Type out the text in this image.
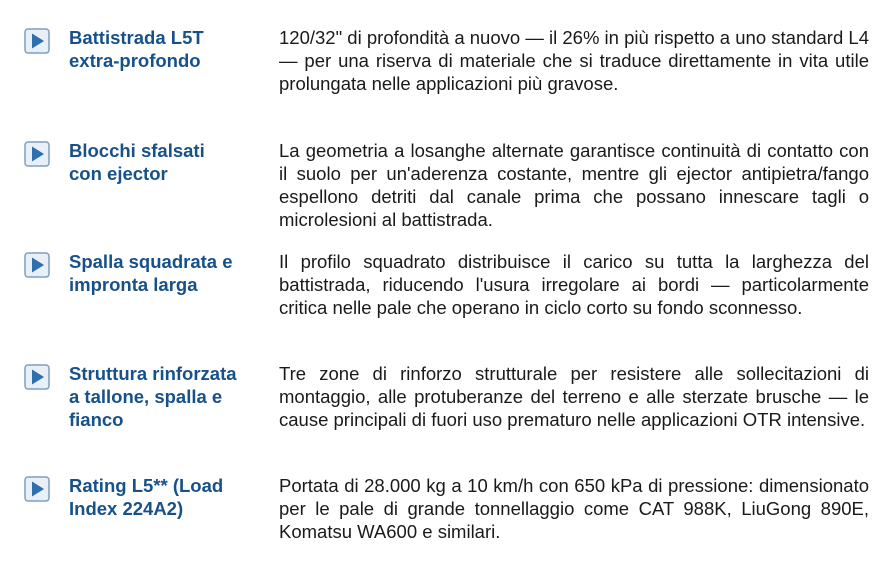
Battistrada L5T
extra-profondo
120/32" di profondità a nuovo — il 26% in più rispetto a uno standard L4 — per una riserva di materiale che si traduce direttamente in vita utile prolungata nelle applicazioni più gravose.
Blocchi sfalsati
con ejector
La geometria a losanghe alternate garantisce continuità di contatto con il suolo per un'aderenza costante, mentre gli ejector antipietra/fango espellono detriti dal canale prima che possano innescare tagli o microlesioni al battistrada.
Spalla squadrata e
impronta larga
Il profilo squadrato distribuisce il carico su tutta la larghezza del battistrada, riducendo l'usura irregolare ai bordi — particolarmente critica nelle pale che operano in ciclo corto su fondo sconnesso.
Struttura rinforzata
a tallone, spalla e
fianco
Tre zone di rinforzo strutturale per resistere alle sollecitazioni di montaggio, alle protuberanze del terreno e alle sterzate brusche — le cause principali di fuori uso prematuro nelle applicazioni OTR intensive.
Rating L5** (Load
Index 224A2)
Portata di 28.000 kg a 10 km/h con 650 kPa di pressione: dimensionato per le pale di grande tonnellaggio come CAT 988K, LiuGong 890E, Komatsu WA600 e similari.
